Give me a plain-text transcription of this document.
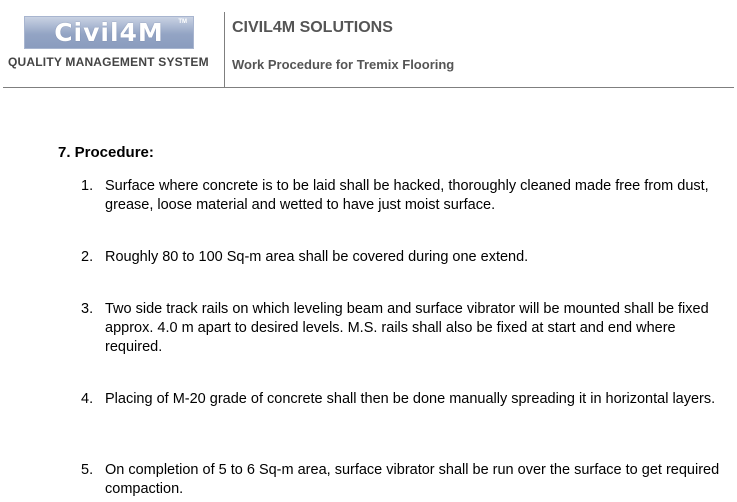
Civil4M	TM
QUALITY MANAGEMENT SYSTEM
CIVIL4M SOLUTIONS
Work Procedure for Tremix Flooring
7. Procedure:
1. Surface where concrete is to be laid shall be hacked, thoroughly cleaned made free from dust, grease, loose material and wetted to have just moist surface.
2. Roughly 80 to 100 Sq-m area shall be covered during one extend.
3. Two side track rails on which leveling beam and surface vibrator will be mounted shall be fixed approx. 4.0 m apart to desired levels. M.S. rails shall also be fixed at start and end where required.
4. Placing of M-20 grade of concrete shall then be done manually spreading it in horizontal layers.
5. On completion of 5 to 6 Sq-m area, surface vibrator shall be run over the surface to get required compaction.
